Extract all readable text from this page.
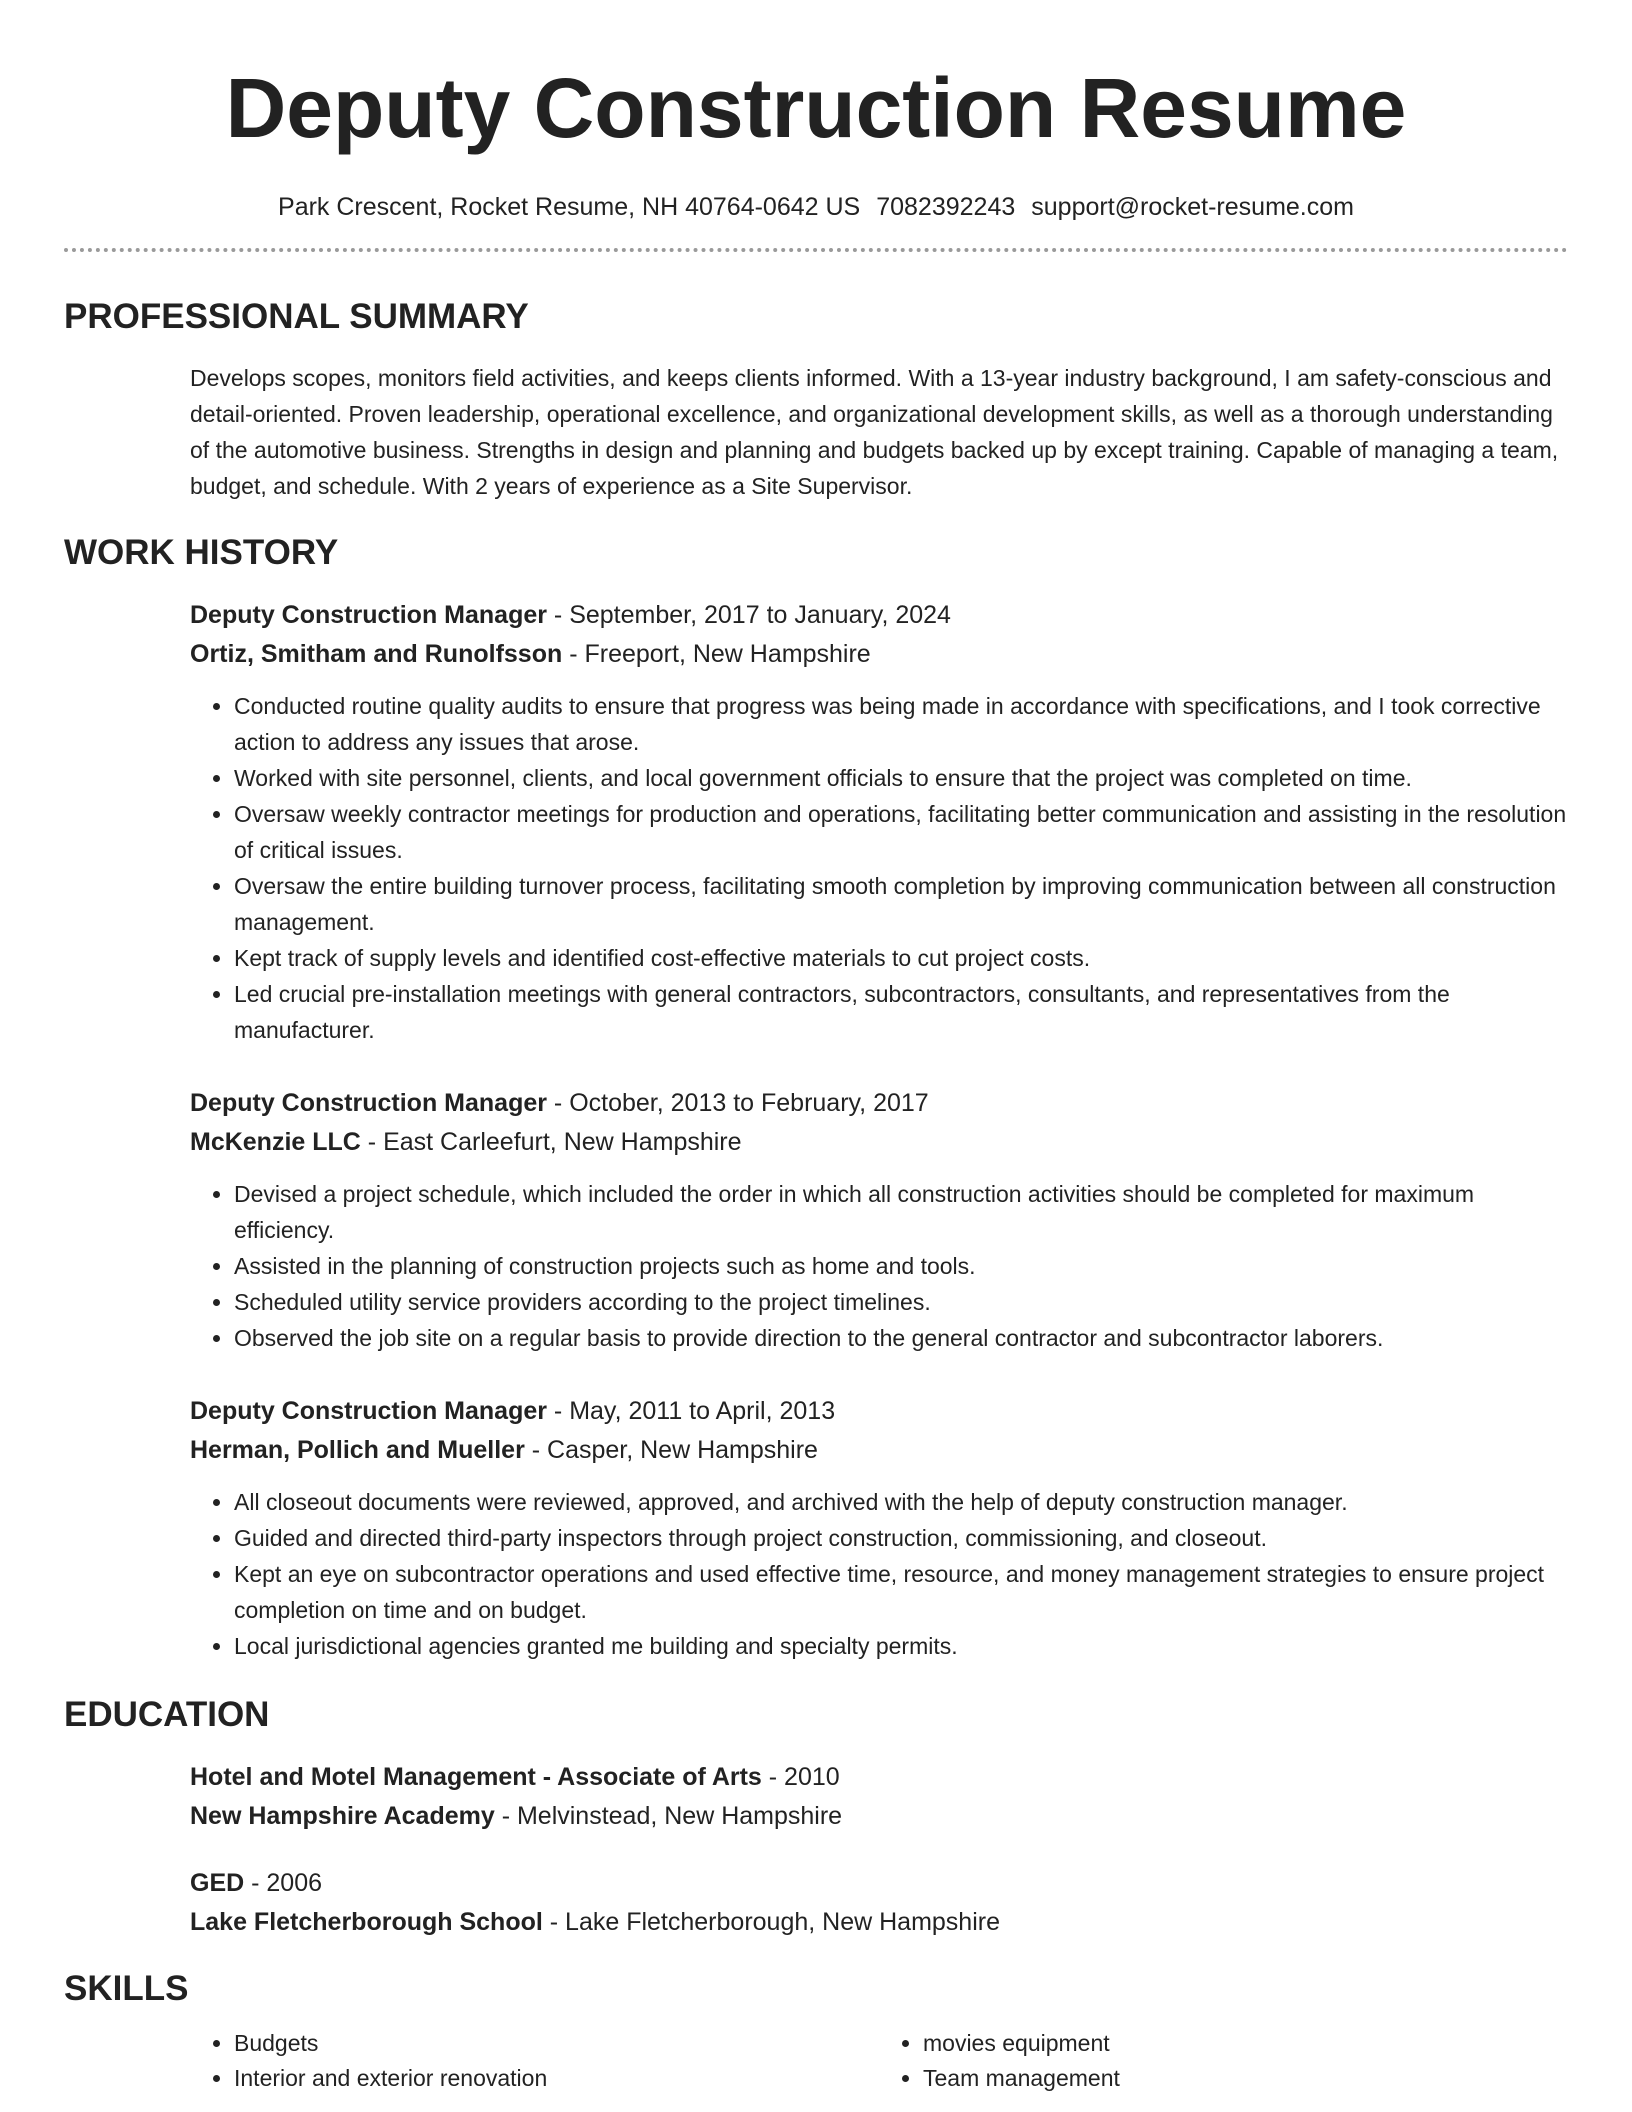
Deputy Construction Resume
Park Crescent, Rocket Resume, NH 40764-0642 US 7082392243 support@rocket-resume.com
PROFESSIONAL SUMMARY

Develops scopes, monitors field activities, and keeps clients informed. With a 13-year industry background, I am safety-conscious and detail-oriented. Proven leadership, operational excellence, and organizational development skills, as well as a thorough understanding of the automotive business. Strengths in design and planning and budgets backed up by except training. Capable of managing a team, budget, and schedule. With 2 years of experience as a Site Supervisor.

WORK HISTORY
Deputy Construction Manager - September, 2017 to January, 2024
Ortiz, Smitham and Runolfsson - Freeport, New Hampshire
• Conducted routine quality audits to ensure that progress was being made in accordance with specifications, and I took corrective action to address any issues that arose.
• Worked with site personnel, clients, and local government officials to ensure that the project was completed on time.
• Oversaw weekly contractor meetings for production and operations, facilitating better communication and assisting in the resolution of critical issues.
• Oversaw the entire building turnover process, facilitating smooth completion by improving communication between all construction management.
• Kept track of supply levels and identified cost-effective materials to cut project costs.
• Led crucial pre-installation meetings with general contractors, subcontractors, consultants, and representatives from the manufacturer.
Deputy Construction Manager - October, 2013 to February, 2017
McKenzie LLC - East Carleefurt, New Hampshire
• Devised a project schedule, which included the order in which all construction activities should be completed for maximum efficiency.
• Assisted in the planning of construction projects such as home and tools.
• Scheduled utility service providers according to the project timelines.
• Observed the job site on a regular basis to provide direction to the general contractor and subcontractor laborers.
Deputy Construction Manager - May, 2011 to April, 2013
Herman, Pollich and Mueller - Casper, New Hampshire
• All closeout documents were reviewed, approved, and archived with the help of deputy construction manager.
• Guided and directed third-party inspectors through project construction, commissioning, and closeout.
• Kept an eye on subcontractor operations and used effective time, resource, and money management strategies to ensure project completion on time and on budget.
• Local jurisdictional agencies granted me building and specialty permits.
EDUCATION
Hotel and Motel Management - Associate of Arts - 2010
New Hampshire Academy - Melvinstead, New Hampshire
GED - 2006
Lake Fletcherborough School - Lake Fletcherborough, New Hampshire
SKILLS
• Budgets
• Interior and exterior renovation
• movies equipment
• Team management
